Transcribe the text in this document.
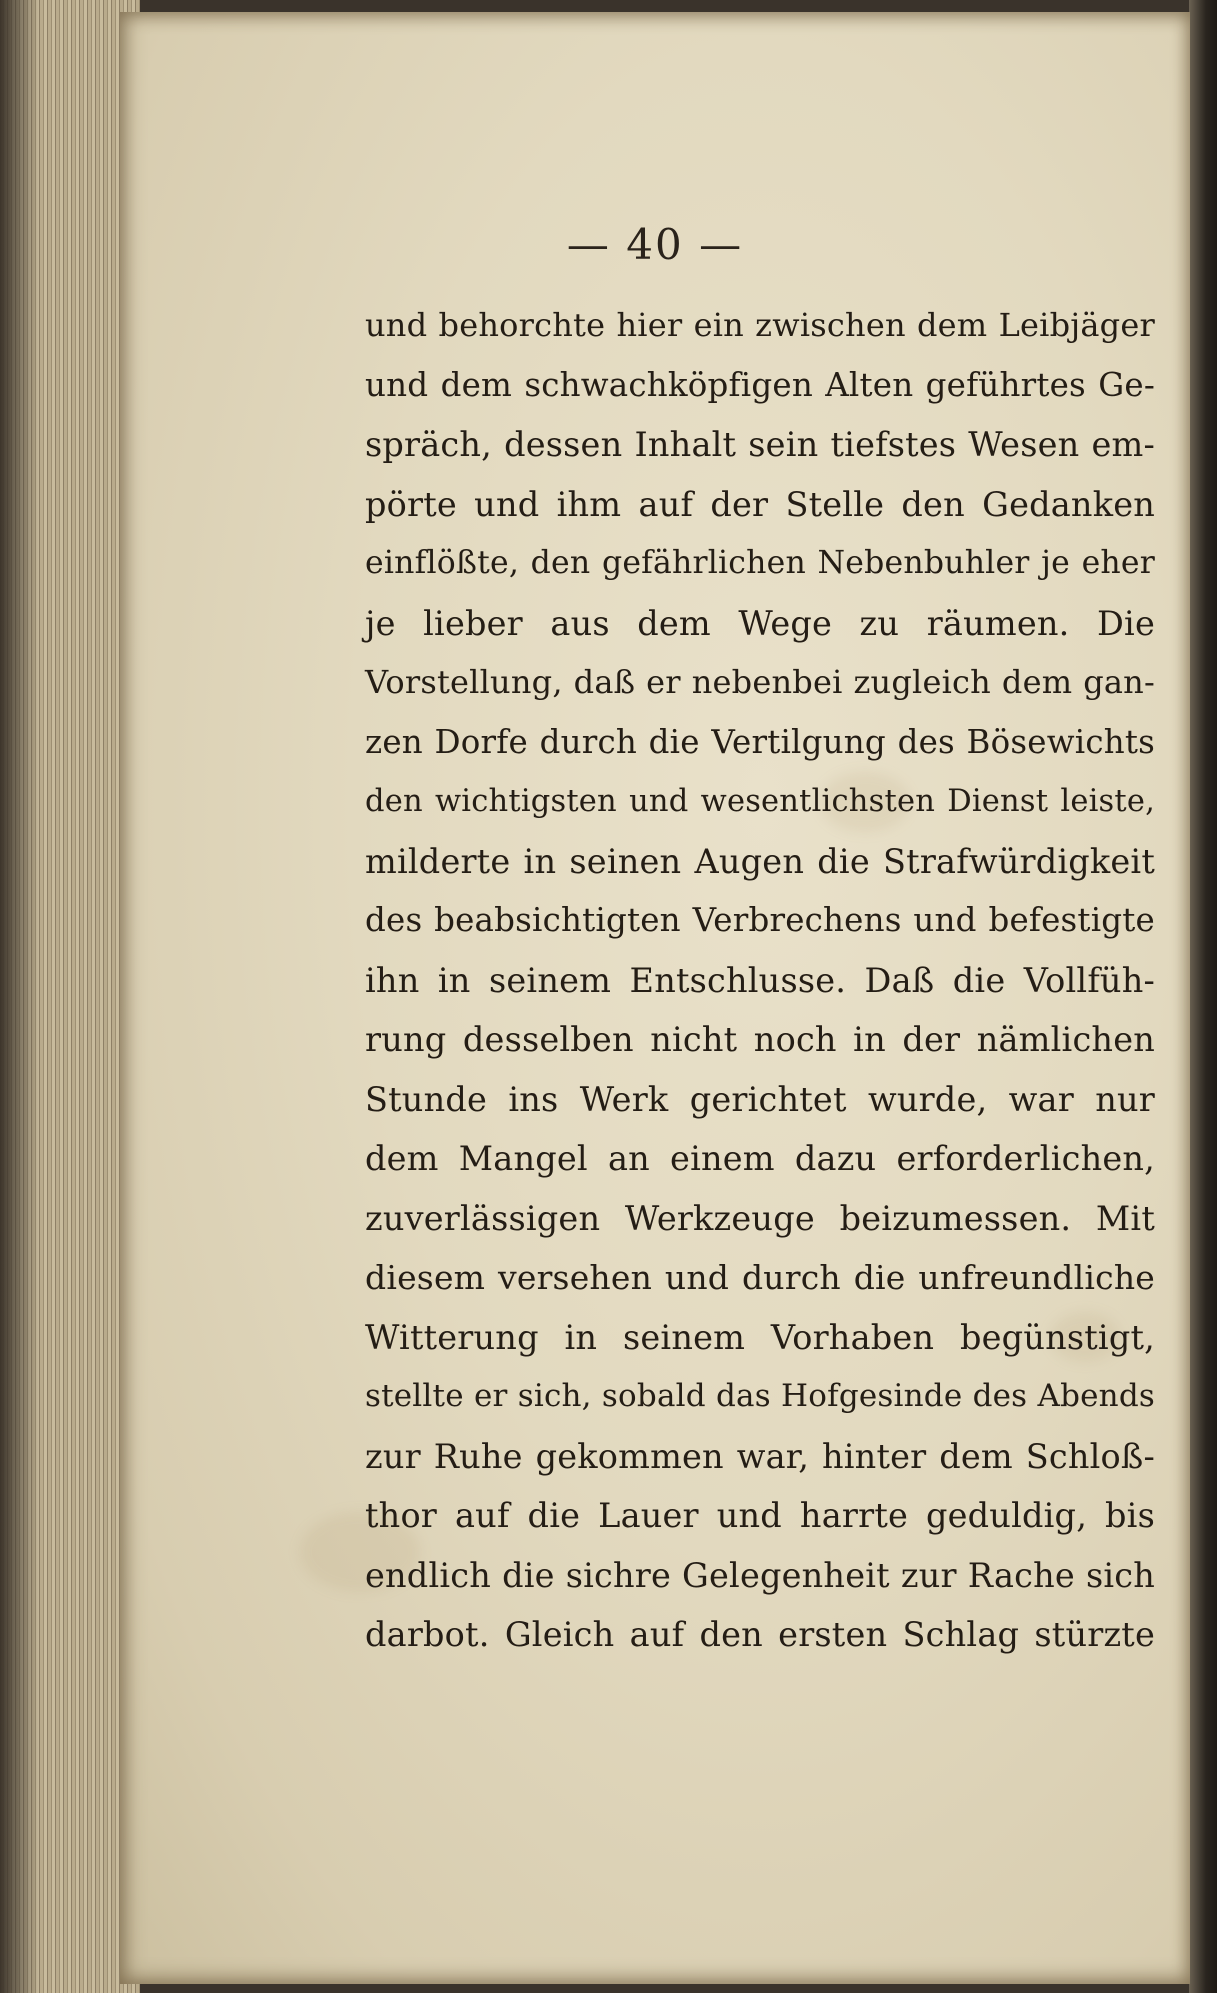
— 40 —
und behorchte hier ein zwischen dem Leibjäger
und dem schwachköpfigen Alten geführtes Ge-
spräch, dessen Inhalt sein tiefstes Wesen em-
pörte und ihm auf der Stelle den Gedanken
einflößte, den gefährlichen Nebenbuhler je eher
je lieber aus dem Wege zu räumen. Die
Vorstellung, daß er nebenbei zugleich dem gan-
zen Dorfe durch die Vertilgung des Bösewichts
den wichtigsten und wesentlichsten Dienst leiste,
milderte in seinen Augen die Strafwürdigkeit
des beabsichtigten Verbrechens und befestigte
ihn in seinem Entschlusse. Daß die Vollfüh-
rung desselben nicht noch in der nämlichen
Stunde ins Werk gerichtet wurde, war nur
dem Mangel an einem dazu erforderlichen,
zuverlässigen Werkzeuge beizumessen. Mit
diesem versehen und durch die unfreundliche
Witterung in seinem Vorhaben begünstigt,
stellte er sich, sobald das Hofgesinde des Abends
zur Ruhe gekommen war, hinter dem Schloß-
thor auf die Lauer und harrte geduldig, bis
endlich die sichre Gelegenheit zur Rache sich
darbot. Gleich auf den ersten Schlag stürzte
